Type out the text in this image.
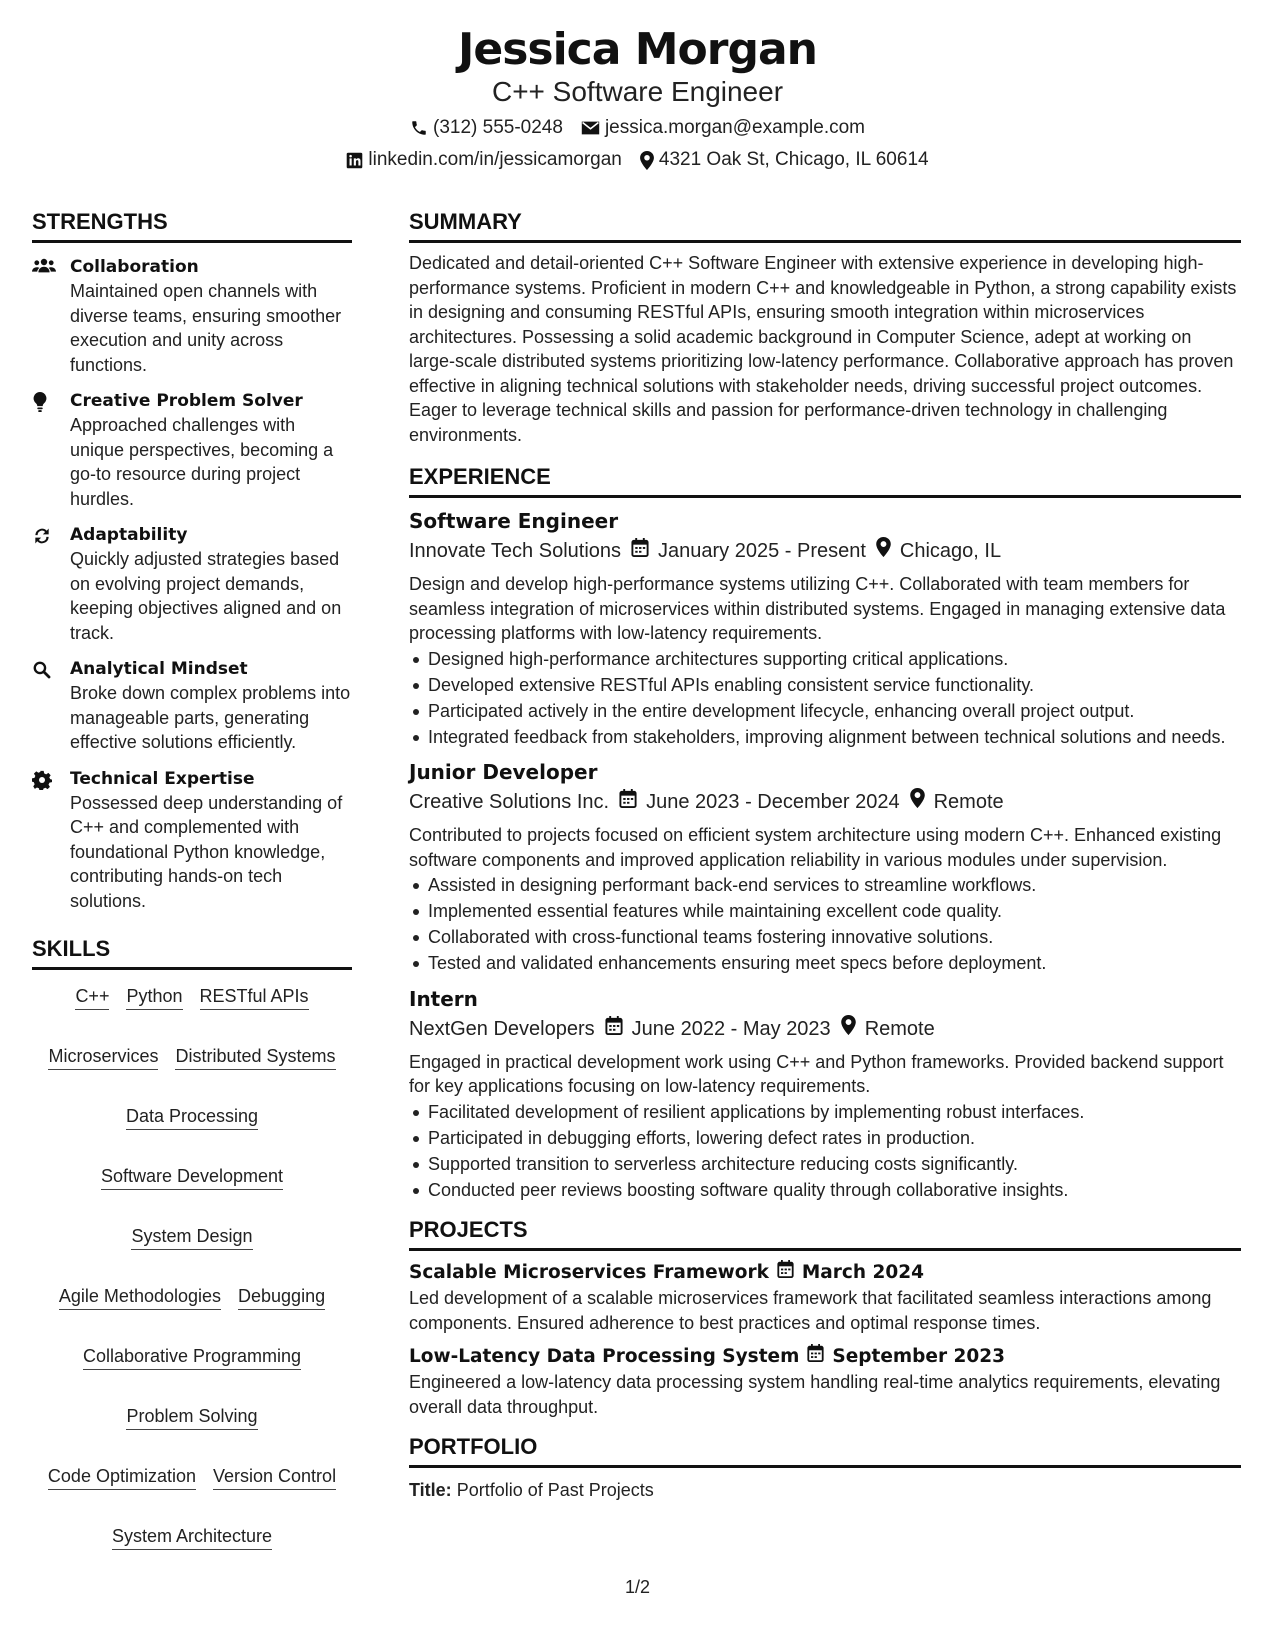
Jessica Morgan
C++ Software Engineer
(312) 555-0248 jessica.morgan@example.com
linkedin.com/in/jessicamorgan 4321 Oak St, Chicago, IL 60614
STRENGTHS
Collaboration
Maintained open channels with diverse teams, ensuring smoother execution and unity across functions.
Creative Problem Solver
Approached challenges with unique perspectives, becoming a go-to resource during project hurdles.
Adaptability
Quickly adjusted strategies based on evolving project demands, keeping objectives aligned and on track.
Analytical Mindset
Broke down complex problems into manageable parts, generating effective solutions efficiently.
Technical Expertise
Possessed deep understanding of C++ and complemented with foundational Python knowledge, contributing hands-on tech solutions.
SKILLS
C++ Python RESTful APIs
Microservices Distributed Systems
Data Processing
Software Development
System Design
Agile Methodologies Debugging
Collaborative Programming
Problem Solving
Code Optimization Version Control
System Architecture
SUMMARY
Dedicated and detail-oriented C++ Software Engineer with extensive experience in developing high-performance systems. Proficient in modern C++ and knowledgeable in Python, a strong capability exists in designing and consuming RESTful APIs, ensuring smooth integration within microservices architectures. Possessing a solid academic background in Computer Science, adept at working on large-scale distributed systems prioritizing low-latency performance. Collaborative approach has proven effective in aligning technical solutions with stakeholder needs, driving successful project outcomes. Eager to leverage technical skills and passion for performance-driven technology in challenging environments.
EXPERIENCE
Software Engineer
Innovate Tech Solutions January 2025 - Present Chicago, IL
Design and develop high-performance systems utilizing C++. Collaborated with team members for seamless integration of microservices within distributed systems. Engaged in managing extensive data processing platforms with low-latency requirements.
Designed high-performance architectures supporting critical applications.
Developed extensive RESTful APIs enabling consistent service functionality.
Participated actively in the entire development lifecycle, enhancing overall project output.
Integrated feedback from stakeholders, improving alignment between technical solutions and needs.
Junior Developer
Creative Solutions Inc. June 2023 - December 2024 Remote
Contributed to projects focused on efficient system architecture using modern C++. Enhanced existing software components and improved application reliability in various modules under supervision.
Assisted in designing performant back-end services to streamline workflows.
Implemented essential features while maintaining excellent code quality.
Collaborated with cross-functional teams fostering innovative solutions.
Tested and validated enhancements ensuring meet specs before deployment.
Intern
NextGen Developers June 2022 - May 2023 Remote
Engaged in practical development work using C++ and Python frameworks. Provided backend support for key applications focusing on low-latency requirements.
Facilitated development of resilient applications by implementing robust interfaces.
Participated in debugging efforts, lowering defect rates in production.
Supported transition to serverless architecture reducing costs significantly.
Conducted peer reviews boosting software quality through collaborative insights.
PROJECTS
Scalable Microservices Framework March 2024
Led development of a scalable microservices framework that facilitated seamless interactions among components. Ensured adherence to best practices and optimal response times.
Low-Latency Data Processing System September 2023
Engineered a low-latency data processing system handling real-time analytics requirements, elevating overall data throughput.
PORTFOLIO
Title: Portfolio of Past Projects
1/2
